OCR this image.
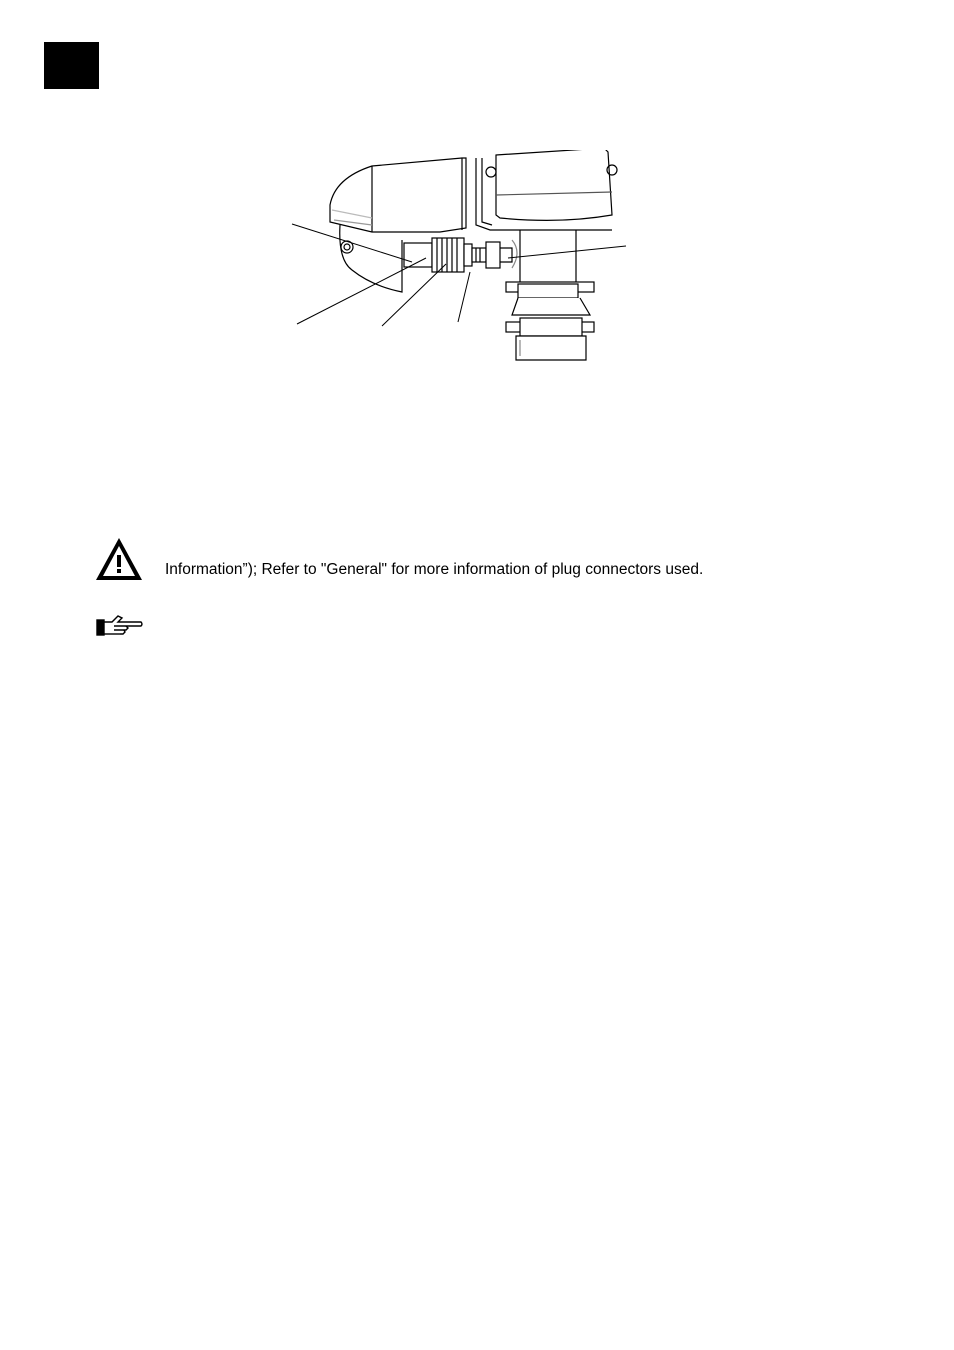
Information”); Refer to "General" for more information of plug connectors used.
